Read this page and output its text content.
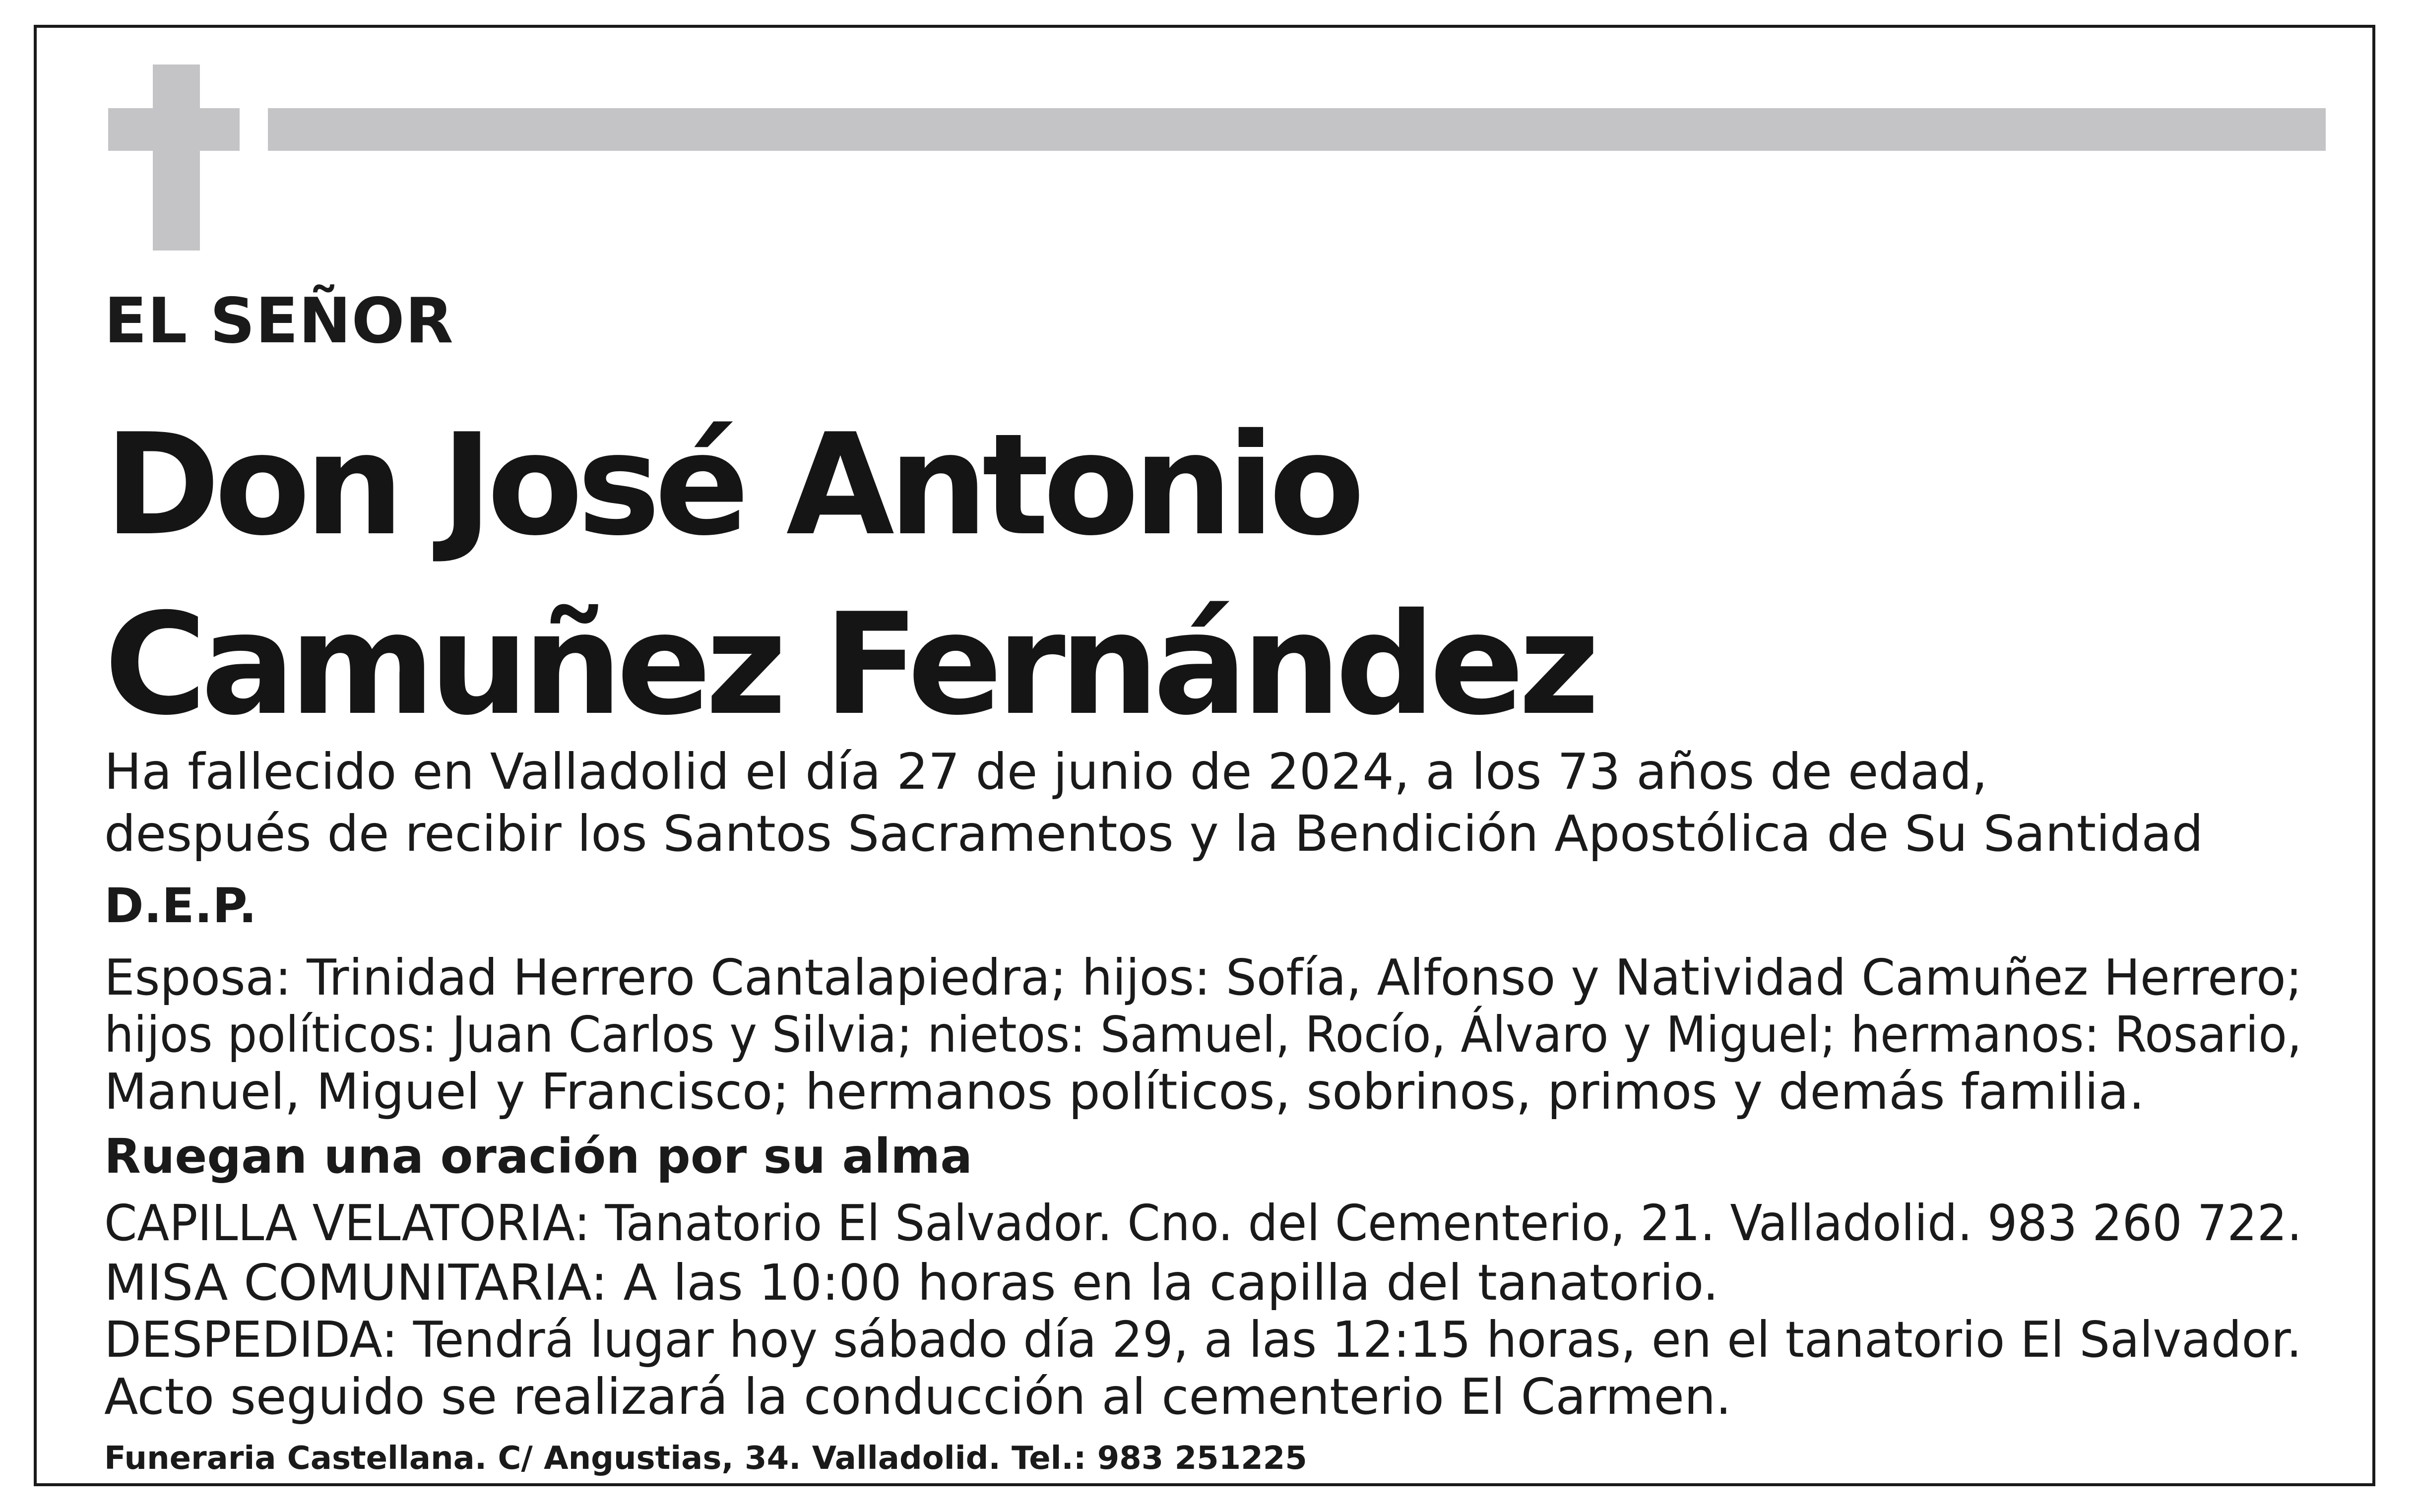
EL SEÑOR

Don José Antonio

Camuñez Fernández

Ha fallecido en Valladolid el día 27 de junio de 2024, a los 73 años de edad,

después de recibir los Santos Sacramentos y la Bendición Apostólica de Su Santidad

D.E.P.

Esposa: Trinidad Herrero Cantalapiedra; hijos: Sofía, Alfonso y Natividad Camuñez Herrero;

hijos políticos: Juan Carlos y Silvia; nietos: Samuel, Rocío, Álvaro y Miguel; hermanos: Rosario,

Manuel, Miguel y Francisco; hermanos políticos, sobrinos, primos y demás familia.

Ruegan una oración por su alma

CAPILLA VELATORIA: Tanatorio El Salvador. Cno. del Cementerio, 21. Valladolid. 983 260 722.

MISA COMUNITARIA: A las 10:00 horas en la capilla del tanatorio.

DESPEDIDA: Tendrá lugar hoy sábado día 29, a las 12:15 horas, en el tanatorio El Salvador.

Acto seguido se realizará la conducción al cementerio El Carmen.

Funeraria Castellana. C/ Angustias, 34. Valladolid. Tel.: 983 251225
